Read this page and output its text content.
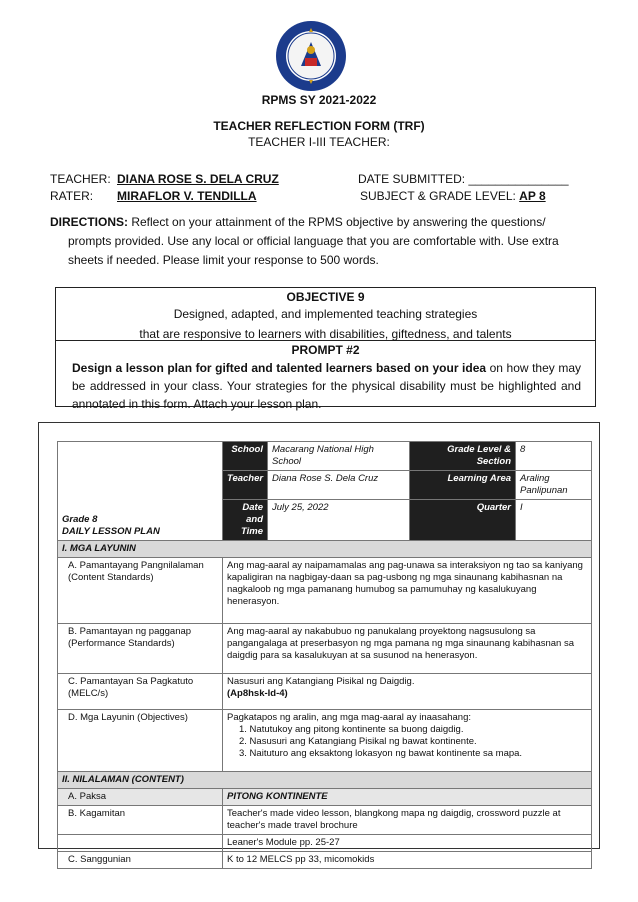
RPMS SY 2021-2022
TEACHER REFLECTION FORM (TRF)
TEACHER I-III TEACHER:
TEACHER: DIANA ROSE S. DELA CRUZ
RATER: MIRAFLOR V. TENDILLA
DATE SUBMITTED: _______________
SUBJECT & GRADE LEVEL: AP 8
DIRECTIONS: Reflect on your attainment of the RPMS objective by answering the questions/
prompts provided. Use any local or official language that you are comfortable with. Use extra
sheets if needed. Please limit your response to 500 words.
OBJECTIVE 9
Designed, adapted, and implemented teaching strategies
that are responsive to learners with disabilities, giftedness, and talents
PROMPT #2
Design a lesson plan for gifted and talented learners based on your idea on how they may be addressed in your class. Your strategies for the physical disability must be highlighted and annotated in this form. Attach your lesson plan.
Grade 8
DAILY LESSON PLAN	School	Macarang National High School	Grade Level & Section	8
	Teacher	Diana Rose S. Dela Cruz	Learning Area	Araling Panlipunan
	Date and Time	July 25, 2022	Quarter	I
I. MGA LAYUNIN				
A. Pamantayang Pangnilalaman (Content Standards)	Ang mag-aaral ay naipamamalas ang pag-unawa sa interaksiyon ng tao sa kaniyang kapaligiran na nagbigay-daan sa pag-usbong ng mga sinaunang kabihasnan na nagkaloob ng mga pamanang humubog sa pamumuhay ng kasalukuyang henerasyon.			
B. Pamantayan ng pagganap (Performance Standards)	Ang mag-aaral ay nakabubuo ng panukalang proyektong nagsusulong sa pangangalaga at preserbasyon ng mga pamana ng mga sinaunang kabihasnan sa daigdig para sa kasalukuyan at sa susunod na henerasyon.			
C. Pamantayan Sa Pagkatuto (MELC/s)	Nasusuri ang Katangiang Pisikal ng Daigdig.
(Ap8hsk-Id-4)			

D. Mga Layunin (Objectives)	Pagkatapos ng aralin, ang mga mag-aaral ay inaasahang:
1. Natutukoy ang pitong kontinente sa buong daigdig.
2. Nasusuri ang Katangiang Pisikal ng bawat kontinente.
3. Naituturo ang eksaktong lokasyon ng bawat kontinente sa mapa.			

II. NILALAMAN (CONTENT)				
A. Paksa	PITONG KONTINENTE			
B. Kagamitan	Teacher's made video lesson, blangkong mapa ng daigdig, crossword puzzle at teacher's made travel brochure			
	Leaner's Module pp. 25-27			
C. Sanggunian	K to 12 MELCS pp 33, micomokids			
